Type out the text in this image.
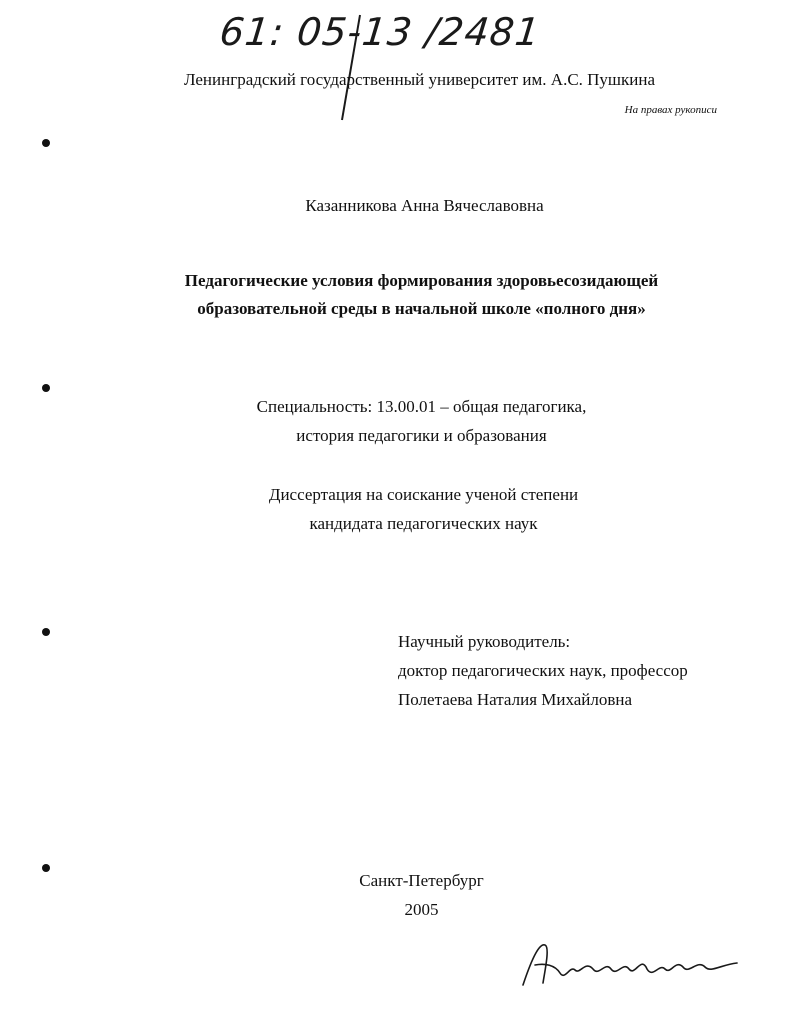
61: 05-13 /2481
Ленинградский государственный университет им. А.С. Пушкина
На правах рукописи
Казанникова Анна Вячеславовна
Педагогические условия формирования здоровьесозидающей
образовательной среды в начальной школе «полного дня»
Специальность: 13.00.01 – общая педагогика,
история педагогики и образования
Диссертация на соискание ученой степени
кандидата педагогических наук
Научный руководитель:
доктор педагогических наук, профессор
Полетаева Наталия Михайловна
Санкт-Петербург
2005
